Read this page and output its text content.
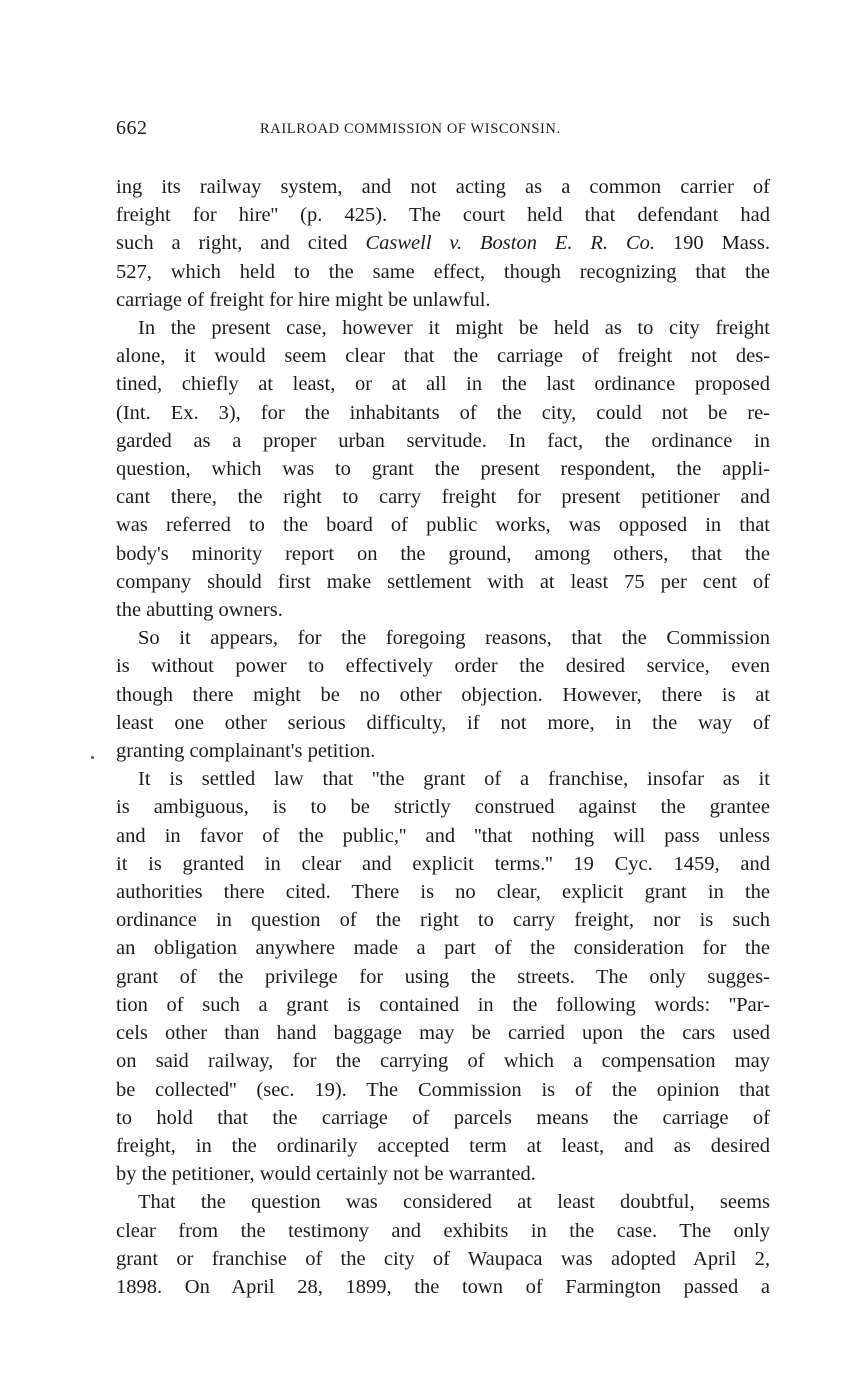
662	RAILROAD COMMISSION OF WISCONSIN.
ing its railway system, and not acting as a common carrier of
freight for hire'' (p. 425). The court held that defendant had
such a right, and cited Caswell v. Boston E. R. Co. 190 Mass.
527, which held to the same effect, though recognizing that the
carriage of freight for hire might be unlawful.
In the present case, however it might be held as to city freight
alone, it would seem clear that the carriage of freight not des-
tined, chiefly at least, or at all in the last ordinance proposed
(Int. Ex. 3), for the inhabitants of the city, could not be re-
garded as a proper urban servitude. In fact, the ordinance in
question, which was to grant the present respondent, the appli-
cant there, the right to carry freight for present petitioner and
was referred to the board of public works, was opposed in that
body's minority report on the ground, among others, that the
company should first make settlement with at least 75 per cent of
the abutting owners.
So it appears, for the foregoing reasons, that the Commission
is without power to effectively order the desired service, even
though there might be no other objection. However, there is at
least one other serious difficulty, if not more, in the way of
granting complainant's petition.
It is settled law that ''the grant of a franchise, insofar as it
is ambiguous, is to be strictly construed against the grantee
and in favor of the public,'' and ''that nothing will pass unless
it is granted in clear and explicit terms.'' 19 Cyc. 1459, and
authorities there cited. There is no clear, explicit grant in the
ordinance in question of the right to carry freight, nor is such
an obligation anywhere made a part of the consideration for the
grant of the privilege for using the streets. The only sugges-
tion of such a grant is contained in the following words: ''Par-
cels other than hand baggage may be carried upon the cars used
on said railway, for the carrying of which a compensation may
be collected'' (sec. 19). The Commission is of the opinion that
to hold that the carriage of parcels means the carriage of
freight, in the ordinarily accepted term at least, and as desired
by the petitioner, would certainly not be warranted.
That the question was considered at least doubtful, seems
clear from the testimony and exhibits in the case. The only
grant or franchise of the city of Waupaca was adopted April 2,
1898. On April 28, 1899, the town of Farmington passed a
